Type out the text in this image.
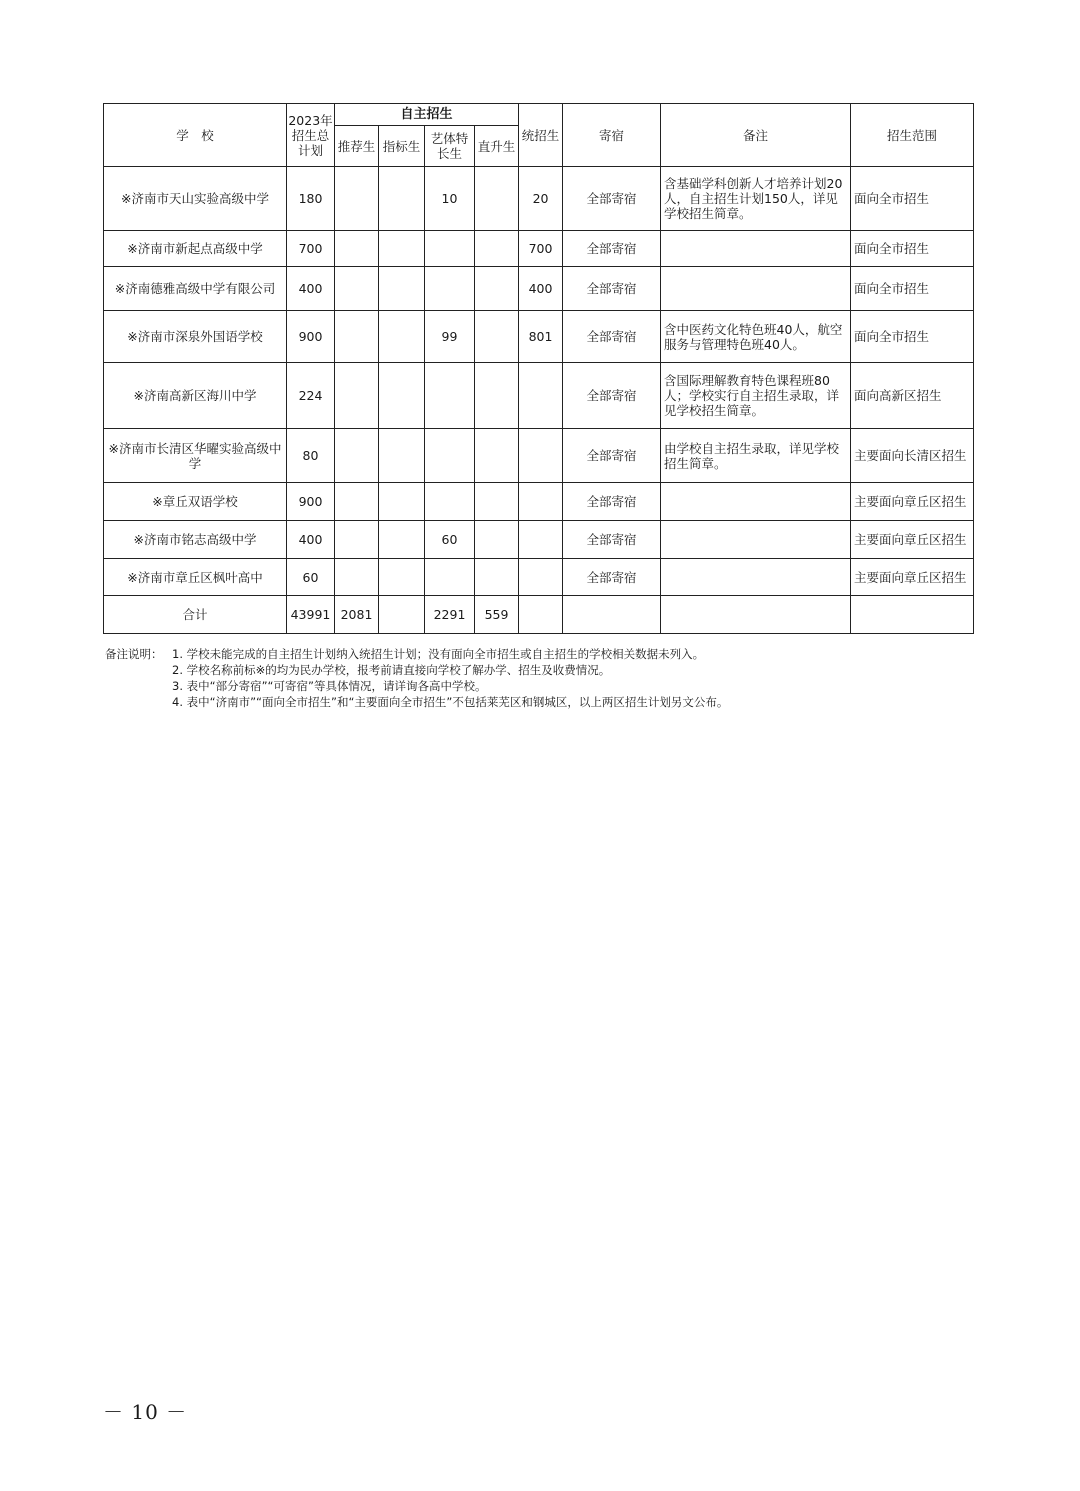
学　校	2023年招生总计划	自主招生				统招生	寄宿	备注	招生范围
		推荐生	指标生	艺体特长生	直升生				
※济南市天山实验高级中学	180			10		20	全部寄宿	含基础学科创新人才培养计划20人，自主招生计划150人，详见学校招生简章。	面向全市招生
※济南市新起点高级中学	700					700	全部寄宿		面向全市招生
※济南德雅高级中学有限公司	400					400	全部寄宿		面向全市招生
※济南市深泉外国语学校	900			99		801	全部寄宿	含中医药文化特色班40人，航空服务与管理特色班40人。	面向全市招生
※济南高新区海川中学	224						全部寄宿	含国际理解教育特色课程班80人；学校实行自主招生录取，详见学校招生简章。	面向高新区招生
※济南市长清区华曜实验高级中学	80						全部寄宿	由学校自主招生录取，详见学校招生简章。	主要面向长清区招生
※章丘双语学校	900						全部寄宿		主要面向章丘区招生
※济南市铭志高级中学	400			60			全部寄宿		主要面向章丘区招生
※济南市章丘区枫叶高中	60						全部寄宿		主要面向章丘区招生
合计	43991	2081		2291	559				
备注说明： 1. 学校未能完成的自主招生计划纳入统招生计划；没有面向全市招生或自主招生的学校相关数据未列入。
2. 学校名称前标※的均为民办学校，报考前请直接向学校了解办学、招生及收费情况。
3. 表中“部分寄宿”“可寄宿”等具体情况，请详询各高中学校。
4. 表中“济南市”“面向全市招生”和“主要面向全市招生”不包括莱芜区和钢城区，以上两区招生计划另文公布。
－ 10 －
